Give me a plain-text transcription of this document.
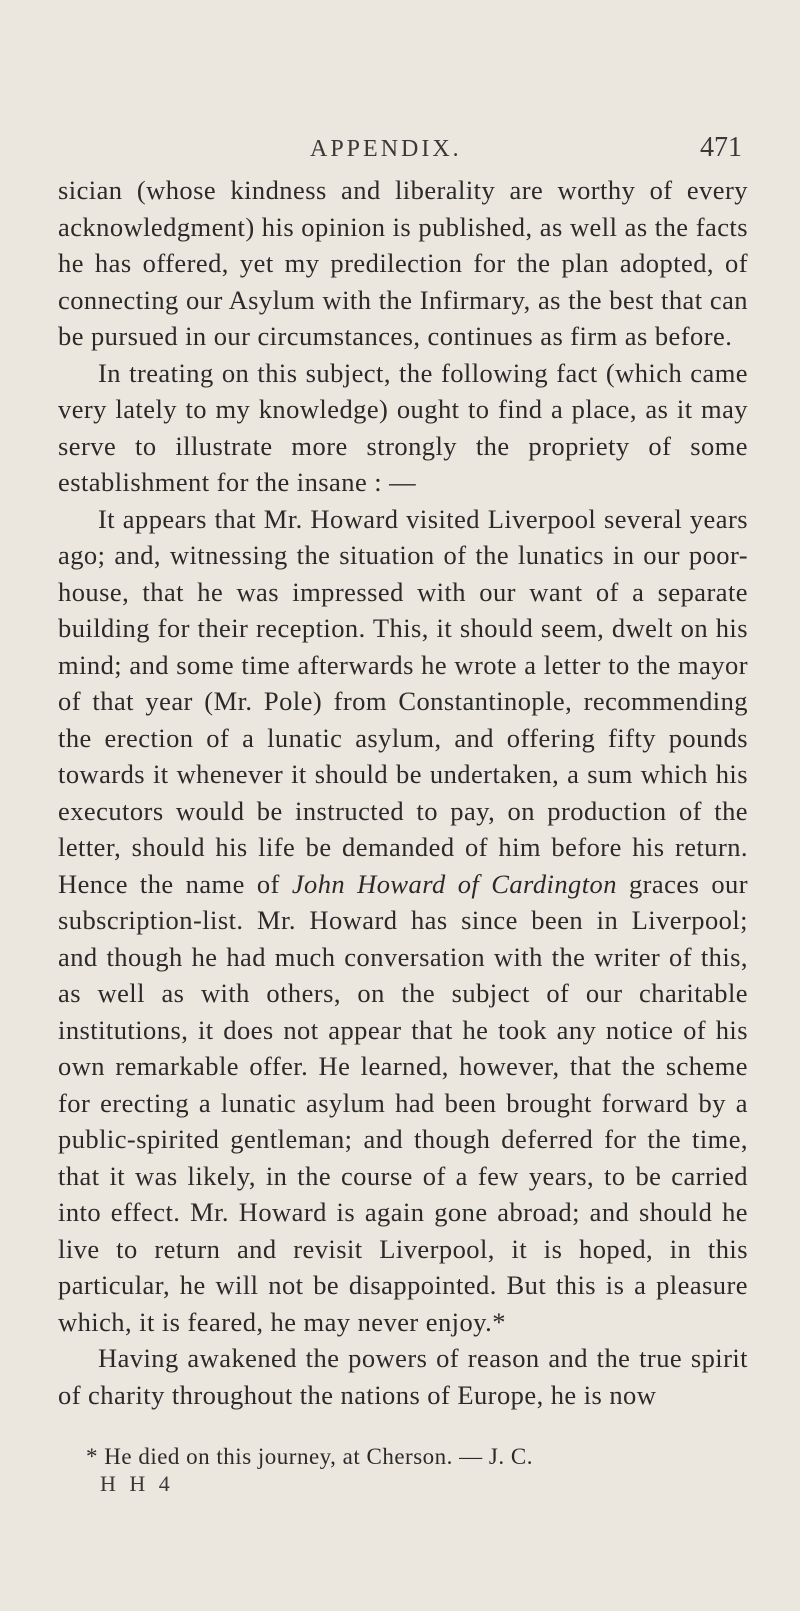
APPENDIX.	471

sician (whose kindness and liberality are worthy of every acknowledgment) his opinion is published, as well as the facts he has offered, yet my predilection for the plan adopted, of connecting our Asylum with the Infirmary, as the best that can be pursued in our circumstances, continues as firm as before.

In treating on this subject, the following fact (which came very lately to my knowledge) ought to find a place, as it may serve to illustrate more strongly the propriety of some establishment for the insane : —

It appears that Mr. Howard visited Liverpool several years ago; and, witnessing the situation of the lunatics in our poor-house, that he was impressed with our want of a separate building for their reception. This, it should seem, dwelt on his mind; and some time afterwards he wrote a letter to the mayor of that year (Mr. Pole) from Constantinople, recommending the erection of a lunatic asylum, and offering fifty pounds towards it whenever it should be undertaken, a sum which his executors would be instructed to pay, on production of the letter, should his life be demanded of him before his return. Hence the name of John Howard of Cardington graces our subscription-list. Mr. Howard has since been in Liverpool; and though he had much conversation with the writer of this, as well as with others, on the subject of our charitable institutions, it does not appear that he took any notice of his own remarkable offer. He learned, however, that the scheme for erecting a lunatic asylum had been brought forward by a public-spirited gentleman; and though deferred for the time, that it was likely, in the course of a few years, to be carried into effect. Mr. Howard is again gone abroad; and should he live to return and revisit Liverpool, it is hoped, in this particular, he will not be disappointed. But this is a pleasure which, it is feared, he may never enjoy.*

Having awakened the powers of reason and the true spirit of charity throughout the nations of Europe, he is now

* He died on this journey, at Cherson. — J. C.
H H 4
